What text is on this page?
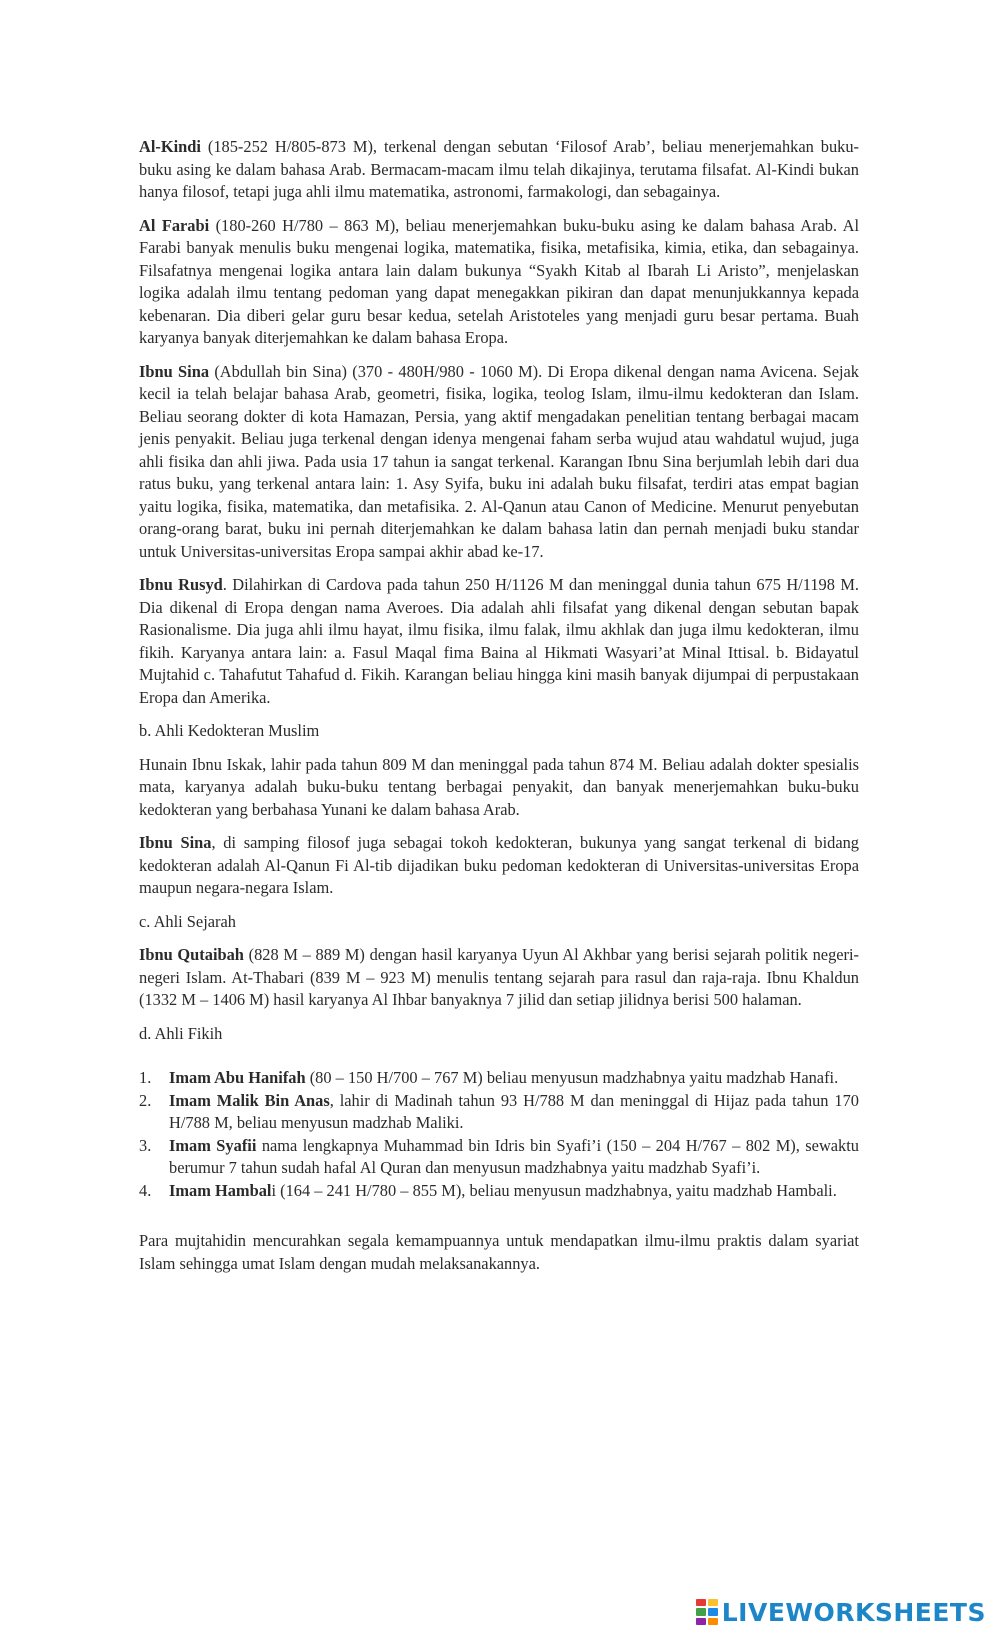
Al-Kindi (185-252 H/805-873 M), terkenal dengan sebutan ‘Filosof Arab’, beliau menerjemahkan buku-buku asing ke dalam bahasa Arab. Bermacam-macam ilmu telah dikajinya, terutama filsafat. Al-Kindi bukan hanya filosof, tetapi juga ahli ilmu matematika, astronomi, farmakologi, dan sebagainya.

Al Farabi (180-260 H/780 – 863 M), beliau menerjemahkan buku-buku asing ke dalam bahasa Arab. Al Farabi banyak menulis buku mengenai logika, matematika, fisika, metafisika, kimia, etika, dan sebagainya. Filsafatnya mengenai logika antara lain dalam bukunya “Syakh Kitab al Ibarah Li Aristo”, menjelaskan logika adalah ilmu tentang pedoman yang dapat menegakkan pikiran dan dapat menunjukkannya kepada kebenaran. Dia diberi gelar guru besar kedua, setelah Aristoteles yang menjadi guru besar pertama. Buah karyanya banyak diterjemahkan ke dalam bahasa Eropa.

Ibnu Sina (Abdullah bin Sina) (370 - 480H/980 - 1060 M). Di Eropa dikenal dengan nama Avicena. Sejak kecil ia telah belajar bahasa Arab, geometri, fisika, logika, teolog Islam, ilmu-ilmu kedokteran dan Islam. Beliau seorang dokter di kota Hamazan, Persia, yang aktif mengadakan penelitian tentang berbagai macam jenis penyakit. Beliau juga terkenal dengan idenya mengenai faham serba wujud atau wahdatul wujud, juga ahli fisika dan ahli jiwa. Pada usia 17 tahun ia sangat terkenal. Karangan Ibnu Sina berjumlah lebih dari dua ratus buku, yang terkenal antara lain: 1. Asy Syifa, buku ini adalah buku filsafat, terdiri atas empat bagian yaitu logika, fisika, matematika, dan metafisika. 2. Al-Qanun atau Canon of Medicine. Menurut penyebutan orang-orang barat, buku ini pernah diterjemahkan ke dalam bahasa latin dan pernah menjadi buku standar untuk Universitas-universitas Eropa sampai akhir abad ke-17.

Ibnu Rusyd. Dilahirkan di Cardova pada tahun 250 H/1126 M dan meninggal dunia tahun 675 H/1198 M. Dia dikenal di Eropa dengan nama Averoes. Dia adalah ahli filsafat yang dikenal dengan sebutan bapak Rasionalisme. Dia juga ahli ilmu hayat, ilmu fisika, ilmu falak, ilmu akhlak dan juga ilmu kedokteran, ilmu fikih. Karyanya antara lain: a. Fasul Maqal fima Baina al Hikmati Wasyari’at Minal Ittisal. b. Bidayatul Mujtahid c. Tahafutut Tahafud d. Fikih. Karangan beliau hingga kini masih banyak dijumpai di perpustakaan Eropa dan Amerika.

b. Ahli Kedokteran Muslim

Hunain Ibnu Iskak, lahir pada tahun 809 M dan meninggal pada tahun 874 M. Beliau adalah dokter spesialis mata, karyanya adalah buku-buku tentang berbagai penyakit, dan banyak menerjemahkan buku-buku kedokteran yang berbahasa Yunani ke dalam bahasa Arab.

Ibnu Sina, di samping filosof juga sebagai tokoh kedokteran, bukunya yang sangat terkenal di bidang kedokteran adalah Al-Qanun Fi Al-tib dijadikan buku pedoman kedokteran di Universitas-universitas Eropa maupun negara-negara Islam.

c. Ahli Sejarah

Ibnu Qutaibah (828 M – 889 M) dengan hasil karyanya Uyun Al Akhbar yang berisi sejarah politik negeri-negeri Islam. At-Thabari (839 M – 923 M) menulis tentang sejarah para rasul dan raja-raja. Ibnu Khaldun (1332 M – 1406 M) hasil karyanya Al Ihbar banyaknya 7 jilid dan setiap jilidnya berisi 500 halaman.

d. Ahli Fikih

1. Imam Abu Hanifah (80 – 150 H/700 – 767 M) beliau menyusun madzhabnya yaitu madzhab Hanafi.
2. Imam Malik Bin Anas, lahir di Madinah tahun 93 H/788 M dan meninggal di Hijaz pada tahun 170 H/788 M, beliau menyusun madzhab Maliki.
3. Imam Syafii nama lengkapnya Muhammad bin Idris bin Syafi’i (150 – 204 H/767 – 802 M), sewaktu berumur 7 tahun sudah hafal Al Quran dan menyusun madzhabnya yaitu madzhab Syafi’i.
4. Imam Hambali (164 – 241 H/780 – 855 M), beliau menyusun madzhabnya, yaitu madzhab Hambali.

Para mujtahidin mencurahkan segala kemampuannya untuk mendapatkan ilmu-ilmu praktis dalam syariat Islam sehingga umat Islam dengan mudah melaksanakannya.

LIVEWORKSHEETS
